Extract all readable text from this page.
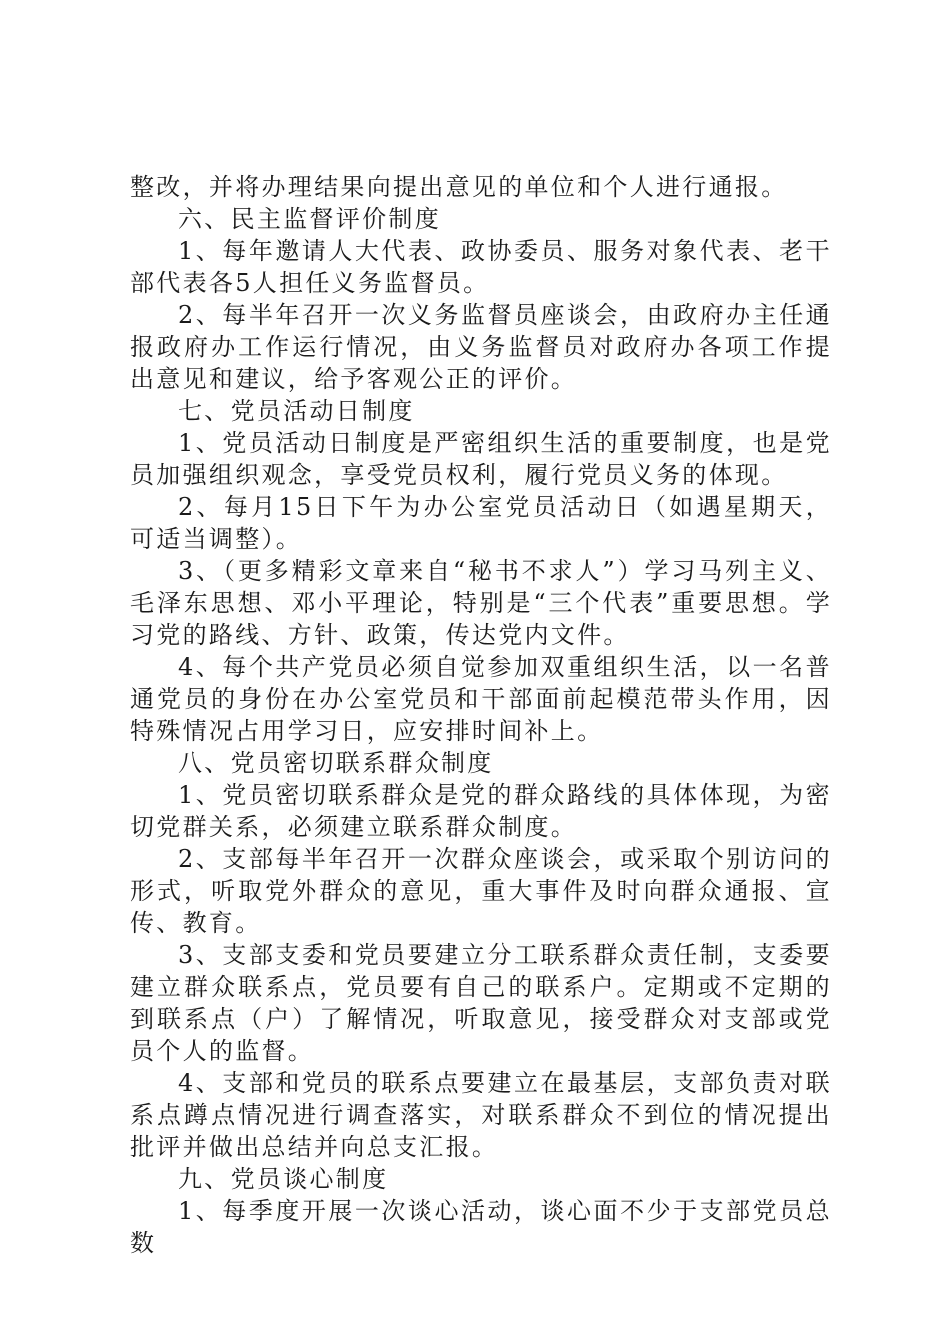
整改，并将办理结果向提出意见的单位和个人进行通报。

六、民主监督评价制度

1、每年邀请人大代表、政协委员、服务对象代表、老干部代表各5人担任义务监督员。

2、每半年召开一次义务监督员座谈会，由政府办主任通报政府办工作运行情况，由义务监督员对政府办各项工作提出意见和建议，给予客观公正的评价。

七、党员活动日制度

1、党员活动日制度是严密组织生活的重要制度，也是党员加强组织观念，享受党员权利，履行党员义务的体现。

2、每月15日下午为办公室党员活动日（如遇星期天，可适当调整）。

3、（更多精彩文章来自“秘书不求人”）学习马列主义、毛泽东思想、邓小平理论，特别是“三个代表”重要思想。学习党的路线、方针、政策，传达党内文件。

4、每个共产党员必须自觉参加双重组织生活，以一名普通党员的身份在办公室党员和干部面前起模范带头作用，因特殊情况占用学习日，应安排时间补上。

八、党员密切联系群众制度

1、党员密切联系群众是党的群众路线的具体体现，为密切党群关系，必须建立联系群众制度。

2、支部每半年召开一次群众座谈会，或采取个别访问的形式，听取党外群众的意见，重大事件及时向群众通报、宣传、教育。

3、支部支委和党员要建立分工联系群众责任制，支委要建立群众联系点，党员要有自己的联系户。定期或不定期的到联系点（户）了解情况，听取意见，接受群众对支部或党员个人的监督。

4、支部和党员的联系点要建立在最基层，支部负责对联系点蹲点情况进行调查落实，对联系群众不到位的情况提出批评并做出总结并向总支汇报。

九、党员谈心制度

1、每季度开展一次谈心活动，谈心面不少于支部党员总数
